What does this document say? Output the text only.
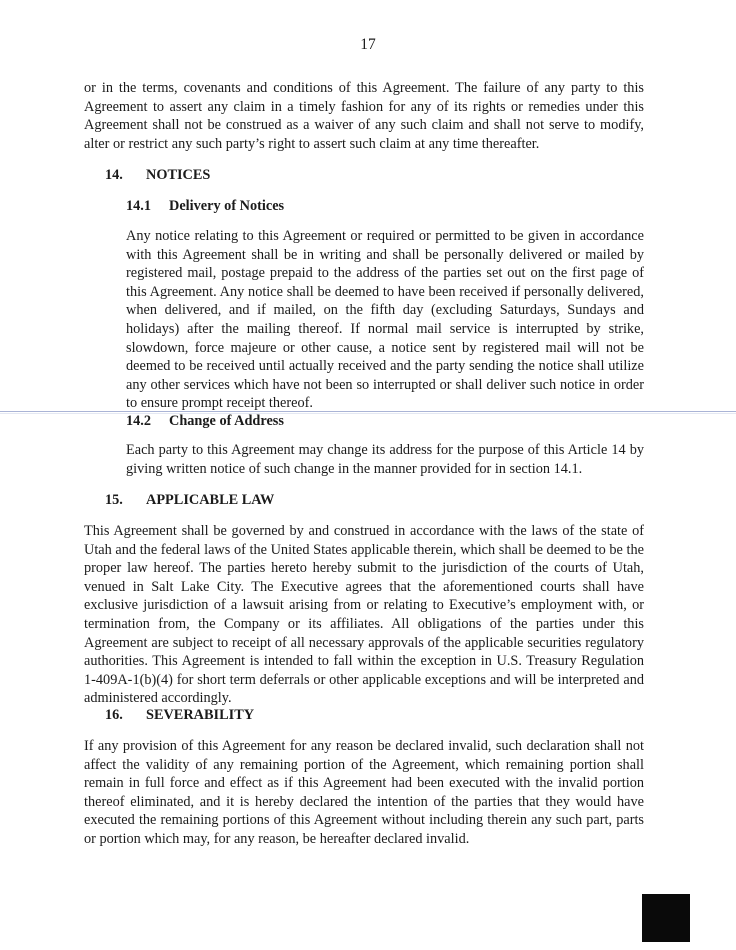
17

or in the terms, covenants and conditions of this Agreement. The failure of any party to this Agreement to assert any claim in a timely fashion for any of its rights or remedies under this Agreement shall not be construed as a waiver of any such claim and shall not serve to modify, alter or restrict any such party’s right to assert such claim at any time thereafter.

14. NOTICES
14.1 Delivery of Notices

Any notice relating to this Agreement or required or permitted to be given in accordance with this Agreement shall be in writing and shall be personally delivered or mailed by registered mail, postage prepaid to the address of the parties set out on the first page of this Agreement. Any notice shall be deemed to have been received if personally delivered, when delivered, and if mailed, on the fifth day (excluding Saturdays, Sundays and holidays) after the mailing thereof. If normal mail service is interrupted by strike, slowdown, force majeure or other cause, a notice sent by registered mail will not be deemed to be received until actually received and the party sending the notice shall utilize any other services which have not been so interrupted or shall deliver such notice in order to ensure prompt receipt thereof.

14.2 Change of Address

Each party to this Agreement may change its address for the purpose of this Article 14 by giving written notice of such change in the manner provided for in section 14.1.

15. APPLICABLE LAW

This Agreement shall be governed by and construed in accordance with the laws of the state of Utah and the federal laws of the United States applicable therein, which shall be deemed to be the proper law hereof. The parties hereto hereby submit to the jurisdiction of the courts of Utah, venued in Salt Lake City. The Executive agrees that the aforementioned courts shall have exclusive jurisdiction of a lawsuit arising from or relating to Executive’s employment with, or termination from, the Company or its affiliates. All obligations of the parties under this Agreement are subject to receipt of all necessary approvals of the applicable securities regulatory authorities. This Agreement is intended to fall within the exception in U.S. Treasury Regulation 1-409A-1(b)(4) for short term deferrals or other applicable exceptions and will be interpreted and administered accordingly.

16. SEVERABILITY

If any provision of this Agreement for any reason be declared invalid, such declaration shall not affect the validity of any remaining portion of the Agreement, which remaining portion shall remain in full force and effect as if this Agreement had been executed with the invalid portion thereof eliminated, and it is hereby declared the intention of the parties that they would have executed the remaining portions of this Agreement without including therein any such part, parts or portion which may, for any reason, be hereafter declared invalid.
